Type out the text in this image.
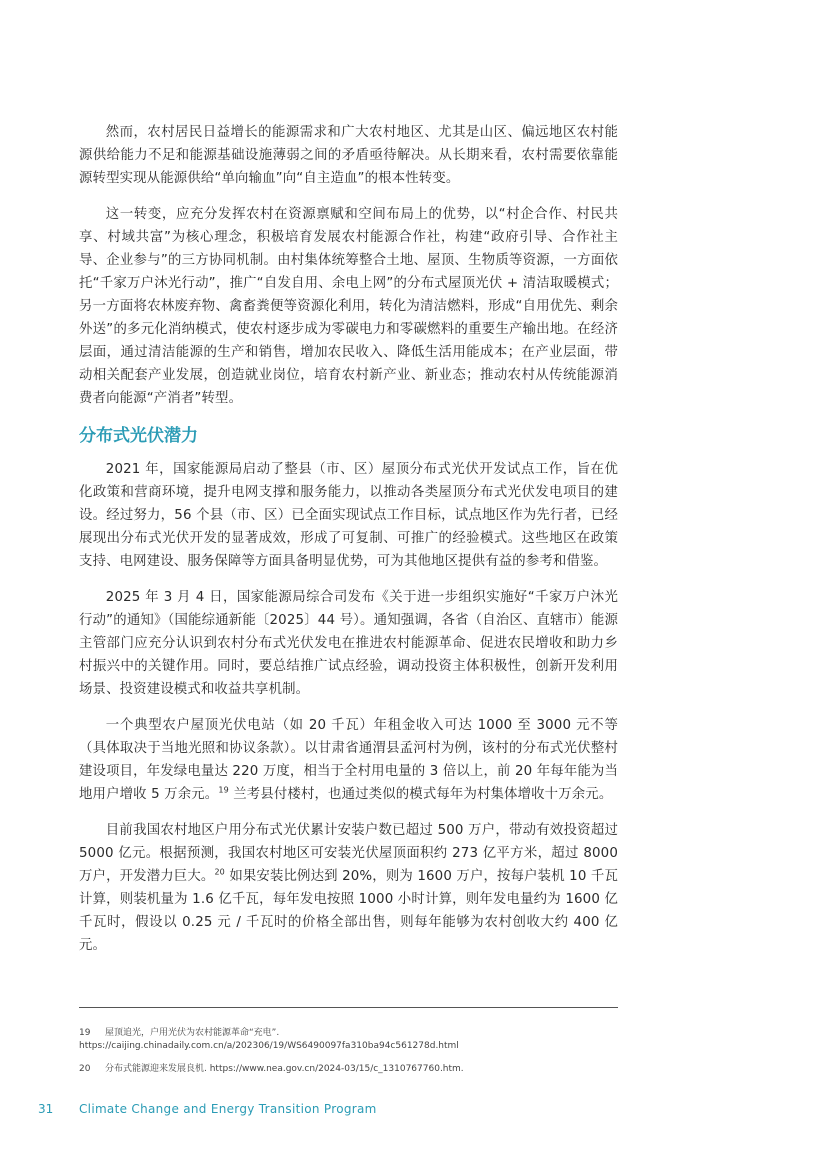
然而，农村居民日益增长的能源需求和广大农村地区、尤其是山区、偏远地区农村能源供给能力不足和能源基础设施薄弱之间的矛盾亟待解决。从长期来看，农村需要依靠能源转型实现从能源供给“单向输血”向“自主造血”的根本性转变。

这一转变，应充分发挥农村在资源禀赋和空间布局上的优势，以“村企合作、村民共享、村域共富”为核心理念，积极培育发展农村能源合作社，构建“政府引导、合作社主导、企业参与”的三方协同机制。由村集体统筹整合土地、屋顶、生物质等资源，一方面依托“千家万户沐光行动”，推广“自发自用、余电上网”的分布式屋顶光伏 + 清洁取暖模式；另一方面将农林废弃物、禽畜粪便等资源化利用，转化为清洁燃料，形成“自用优先、剩余外送”的多元化消纳模式，使农村逐步成为零碳电力和零碳燃料的重要生产输出地。在经济层面，通过清洁能源的生产和销售，增加农民收入、降低生活用能成本；在产业层面，带动相关配套产业发展，创造就业岗位，培育农村新产业、新业态；推动农村从传统能源消费者向能源“产消者”转型。

分布式光伏潜力

2021 年，国家能源局启动了整县（市、区）屋顶分布式光伏开发试点工作，旨在优化政策和营商环境，提升电网支撑和服务能力，以推动各类屋顶分布式光伏发电项目的建设。经过努力，56 个县（市、区）已全面实现试点工作目标，试点地区作为先行者，已经展现出分布式光伏开发的显著成效，形成了可复制、可推广的经验模式。这些地区在政策支持、电网建设、服务保障等方面具备明显优势，可为其他地区提供有益的参考和借鉴。

2025 年 3 月 4 日，国家能源局综合司发布《关于进一步组织实施好“千家万户沐光行动”的通知》（国能综通新能〔2025〕44 号）。通知强调，各省（自治区、直辖市）能源主管部门应充分认识到农村分布式光伏发电在推进农村能源革命、促进农民增收和助力乡村振兴中的关键作用。同时，要总结推广试点经验，调动投资主体积极性，创新开发利用场景、投资建设模式和收益共享机制。

一个典型农户屋顶光伏电站（如 20 千瓦）年租金收入可达 1000 至 3000 元不等（具体取决于当地光照和协议条款）。以甘肃省通渭县孟河村为例，该村的分布式光伏整村建设项目，年发绿电量达 220 万度，相当于全村用电量的 3 倍以上，前 20 年每年能为当地用户增收 5 万余元。$^{19}$ 兰考县付楼村，也通过类似的模式每年为村集体增收十万余元。

目前我国农村地区户用分布式光伏累计安装户数已超过 500 万户，带动有效投资超过 5000 亿元。根据预测，我国农村地区可安装光伏屋顶面积约 273 亿平方米，超过 8000 万户，开发潜力巨大。$^{20}$ 如果安装比例达到 20%，则为 1600 万户，按每户装机 10 千瓦计算，则装机量为 1.6 亿千瓦，每年发电按照 1000 小时计算，则年发电量约为 1600 亿千瓦时，假设以 0.25 元 / 千瓦时的价格全部出售，则每年能够为农村创收大约 400 亿元。

19 屋顶追光，户用光伏为农村能源革命“充电”. https://caijing.chinadaily.com.cn/a/202306/19/WS6490097fa310ba94c561278d.html
20 分布式能源迎来发展良机. https://www.nea.gov.cn/2024-03/15/c_1310767760.htm.
31 Climate Change and Energy Transition Program
